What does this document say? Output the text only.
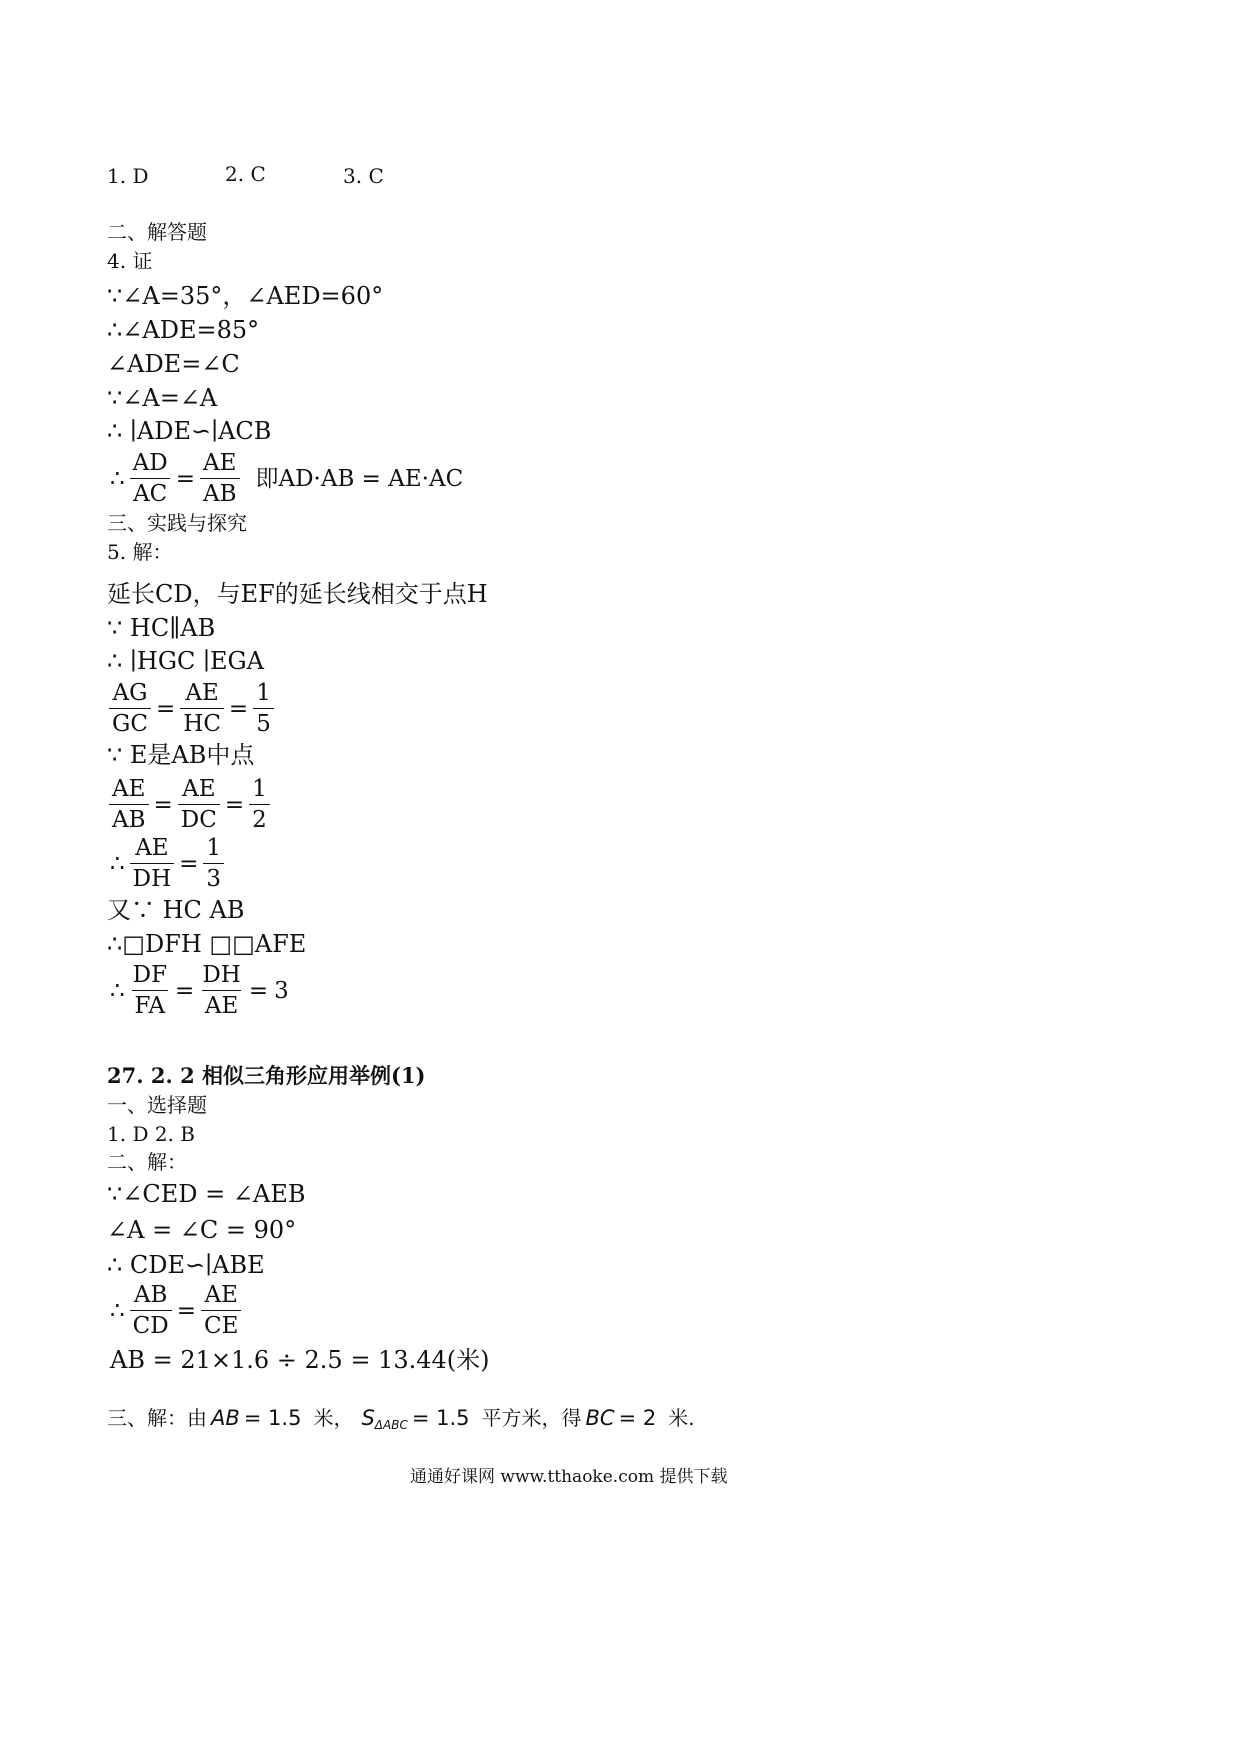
1. D	2. C	3. C
二、解答题
4. 证
∵∠A=35°，∠AED=60°
∴∠ADE=85°
∠ADE=∠C
∵∠A=∠A
∴ ∣ADE∽∣ACB
∴ $\frac{AD}{AC} = \frac{AE}{AB}$ 即AD·AB = AE·AC
三、实践与探究
5. 解：
延长CD，与EF的延长线相交于点H
∵ HC∥AB
∴ ∣HGC ∣EGA
$\frac{AG}{GC} = \frac{AE}{HC} = \frac{1}{5}$
∵ E是AB中点
$\frac{AE}{AB} = \frac{AE}{DC} = \frac{1}{2}$
∴ $\frac{AE}{DH} = \frac{1}{3}$
又∵ HC AB
∴□DFH □□AFE
∴ $\frac{DF}{FA} = \frac{DH}{AE} = 3$
27. 2. 2 相似三角形应用举例(1)
一、选择题
1. D 2. B
二、解：
∵∠CED = ∠AEB
∠A = ∠C = 90°
∴ CDE∽∣ABE
∴ $\frac{AB}{CD} = \frac{AE}{CE}$
AB = 21×1.6 ÷ 2.5 = 13.44(米)
三、解：由 AB = 1.5 米， $S_{\Delta ABC} = 1.5$ 平方米，得 BC = 2 米.
通通好课网 www.tthaoke.com 提供下载
